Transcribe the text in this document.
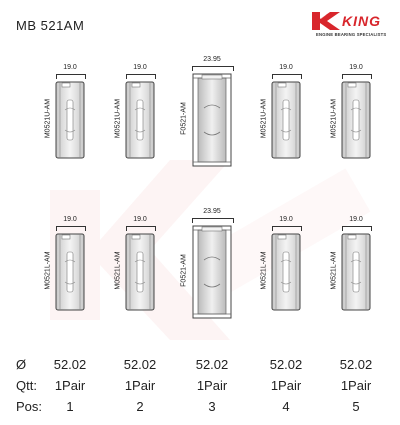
MB 521AM	KING
ENGINE BEARING SPECIALISTS
19.0
M0521U-AM
19.0
M0521U-AM
23.95
F0521-AM
19.0
M0521U-AM
19.0
M0521U-AM
19.0
M0521L-AM
19.0
M0521L-AM
23.95
F0521-AM
19.0
M0521L-AM
19.0
M0521L-AM
Ø
Qtt:
Pos:
52.02
1Pair
1
52.02
1Pair
2
52.02
1Pair
3
52.02
1Pair
4
52.02
1Pair
5
